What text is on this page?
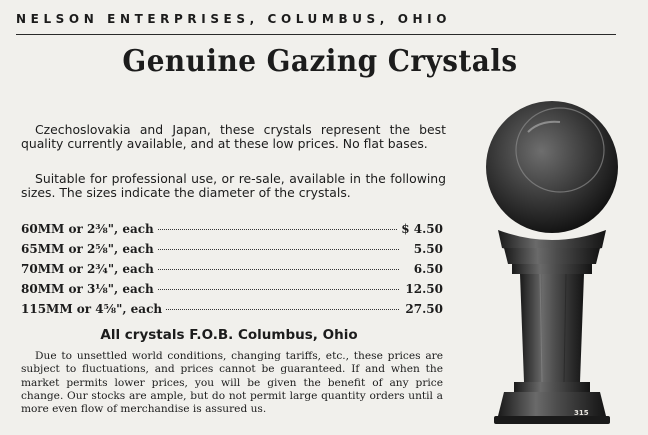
NELSON ENTERPRISES, COLUMBUS, OHIO
Genuine Gazing Crystals
Czechoslovakia and Japan, these crystals represent the best quality currently available, and at these low prices. No flat bases.
Suitable for professional use, or re-sale, available in the following sizes. The sizes indicate the diameter of the crystals.
60MM or 2⅜", each	$ 4.50
65MM or 2⅝", each	5.50
70MM or 2¾", each	6.50
80MM or 3⅛", each	12.50
115MM or 4⅝", each	27.50
All crystals F.O.B. Columbus, Ohio
Due to unsettled world conditions, changing tariffs, etc., these prices are subject to fluctuations, and prices cannot be guaranteed. If and when the market permits lower prices, you will be given the benefit of any price change. Our stocks are ample, but do not permit large quantity orders until a more even flow of merchandise is assured us.	315
